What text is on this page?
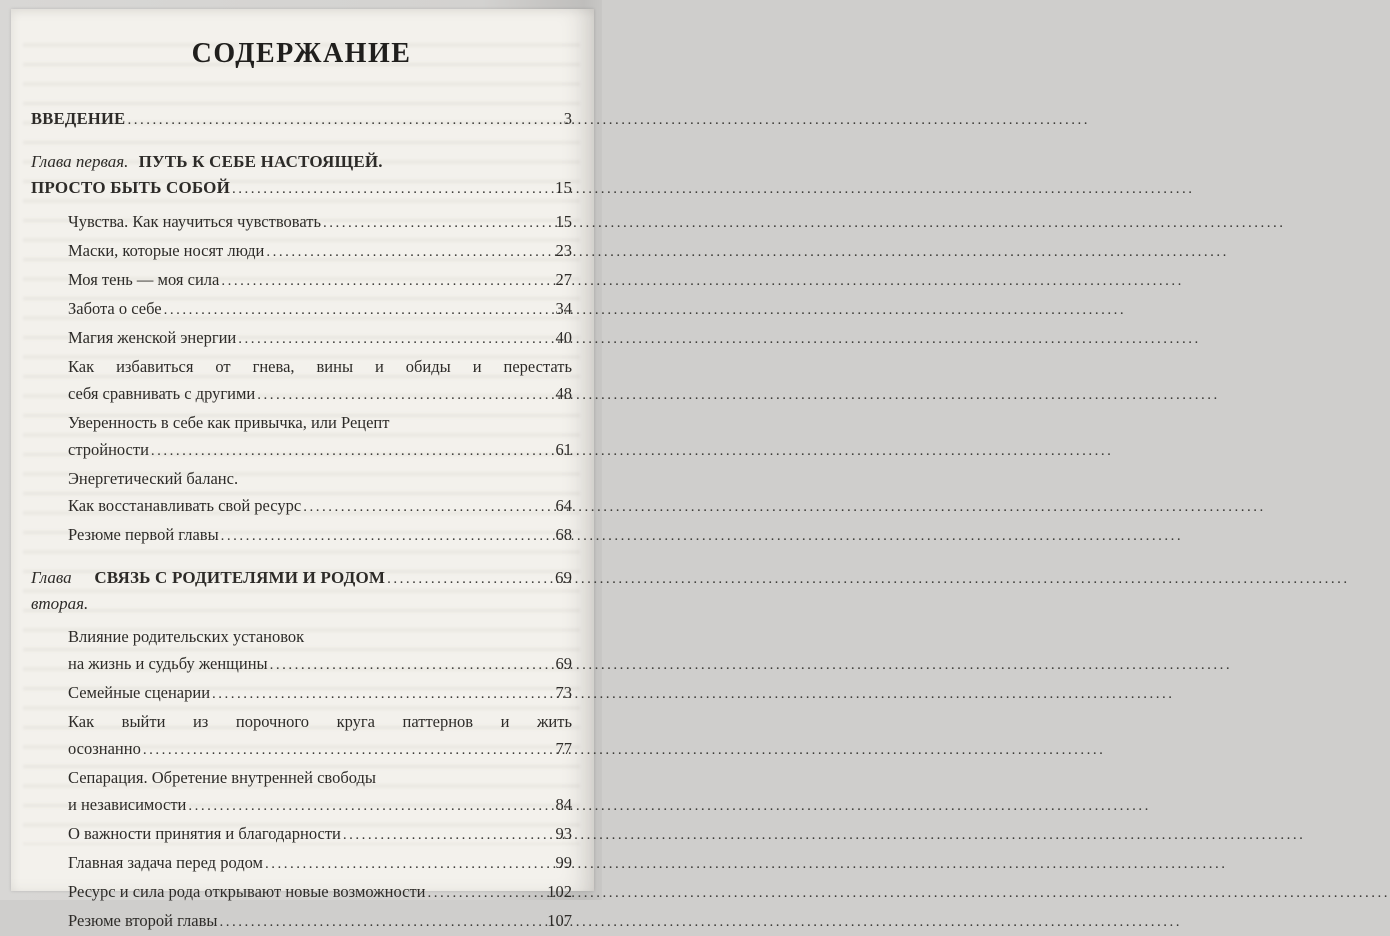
СОДЕРЖАНИЕ
ВВЕДЕНИЕ .....	3
Глава первая. ПУТЬ К СЕБЕ НАСТОЯЩЕЙ.
ПРОСТО БЫТЬ СОБОЙ .....	15
Чувства. Как научиться чувствовать .....	15
Маски, которые носят люди .....	23
Моя тень — моя сила .....	27
Забота о себе .....	34
Магия женской энергии .....	40
Как избавиться от гнева, вины и обиды и перестать
себя сравнивать с другими .....	48
Уверенность в себе как привычка, или Рецепт
стройности .....	61
Энергетический баланс.
Как восстанавливать свой ресурс .....	64
Резюме первой главы .....	68
Глава вторая.
СВЯЗЬ С РОДИТЕЛЯМИ И РОДОМ .....	69
Влияние родительских установок
на жизнь и судьбу женщины .....	69
Семейные сценарии .....	73
Как выйти из порочного круга паттернов и жить
осознанно .....	77
Сепарация. Обретение внутренней свободы
и независимости .....	84
О важности принятия и благодарности .....	93
Главная задача перед родом .....	99
Ресурс и сила рода открывают новые возможности .....	102
Резюме второй главы .....	107
